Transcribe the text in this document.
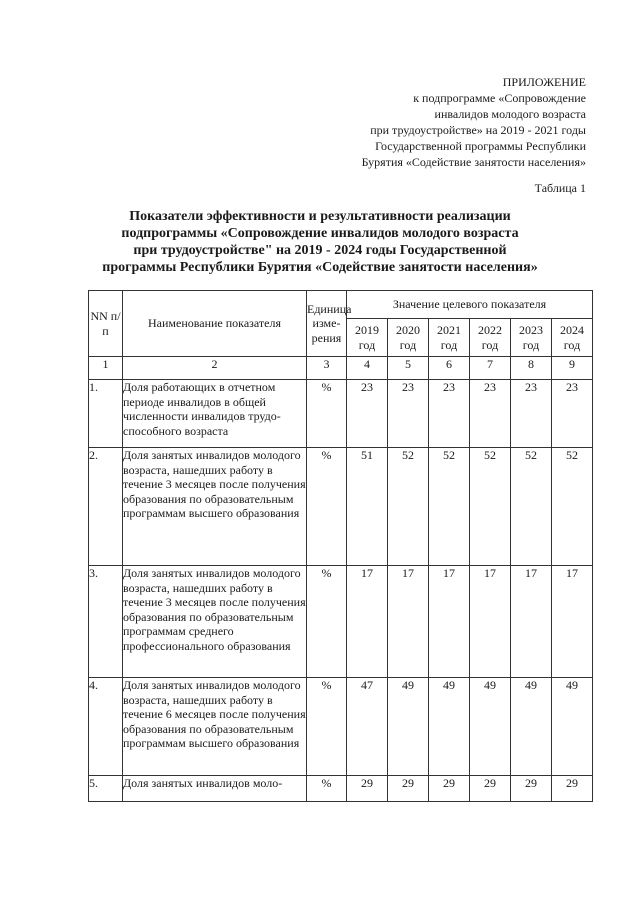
ПРИЛОЖЕНИЕ
к подпрограмме «Сопровождение
инвалидов молодого возраста
при трудоустройстве» на 2019 - 2021 годы
Государственной программы Республики
Бурятия «Содействие занятости населения»
Таблица 1
Показатели эффективности и результативности реализации
подпрограммы «Сопровождение инвалидов молодого возраста
при трудоустройстве" на 2019 - 2024 годы Государственной
программы Республики Бурятия «Содействие занятости населения»
NN п/п	Наименование показателя	Единица измерения	Значение целевого показателя					
			2019 год	2020 год	2021 год	2022 год	2023 год	2024 год
1	2	3	4	5	6	7	8	9
1.	Доля работающих в отчетном периоде инвалидов в общей численности инвалидов трудоспособного возраста	%	23	23	23	23	23	23
2.	Доля занятых инвалидов молодого возраста, нашедших работу в течение 3 месяцев после получения образования по образовательным программам высшего образования	%	51	52	52	52	52	52
3.	Доля занятых инвалидов молодого возраста, нашедших работу в течение 3 месяцев после получения образования по образовательным программам среднего профессионального образования	%	17	17	17	17	17	17
4.	Доля занятых инвалидов молодого возраста, нашедших работу в течение 6 месяцев после получения образования по образовательным программам высшего образования	%	47	49	49	49	49	49
5.	Доля занятых инвалидов моло-	%	29	29	29	29	29	29
